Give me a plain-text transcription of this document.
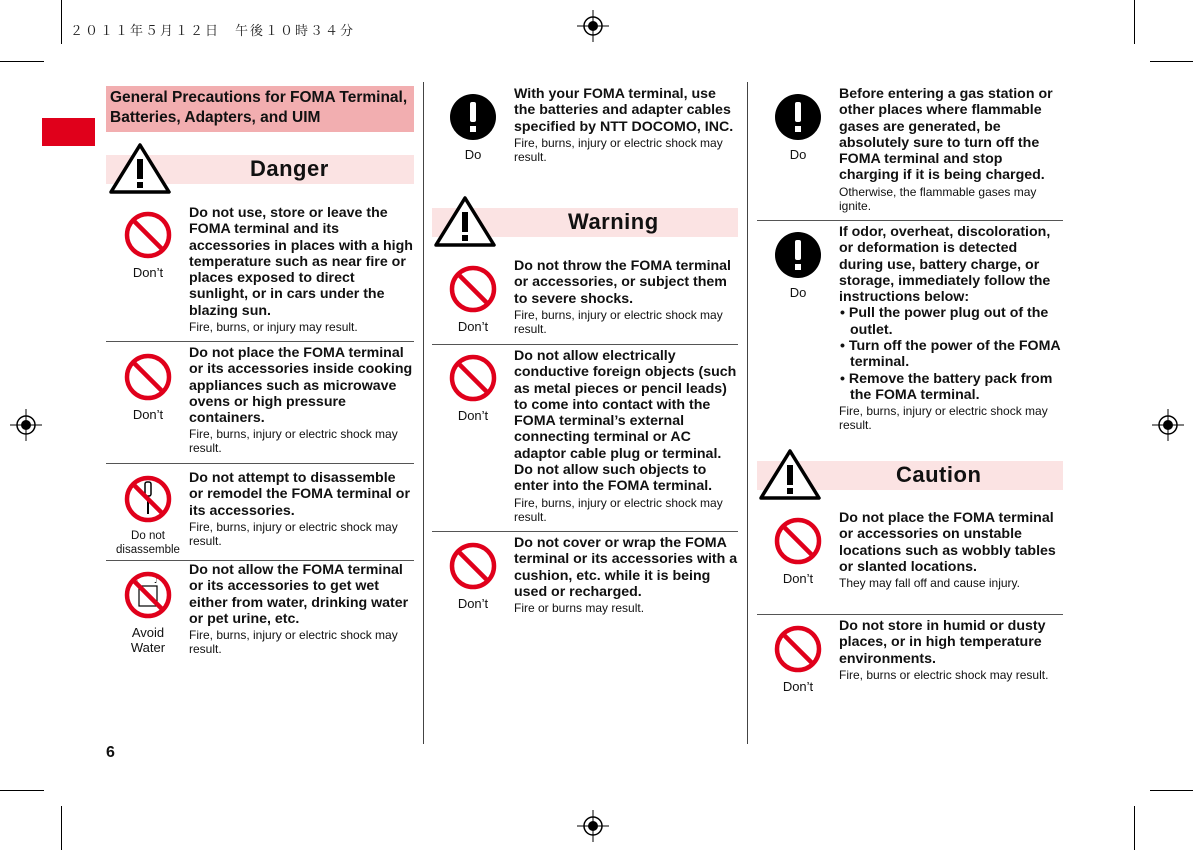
２０１１年５月１２日　午後１０時３４分
6
General Precautions for FOMA Terminal, Batteries, Adapters, and UIM
Danger
Don’t
Do not use, store or leave the FOMA terminal and its accessories in places with a high temperature such as near fire or places exposed to direct sunlight, or in cars under the blazing sun.
Fire, burns, or injury may result.
Don’t
Do not place the FOMA terminal or its accessories inside cooking appliances such as microwave ovens or high pressure containers.
Fire, burns, injury or electric shock may result.
Do not disassemble
Do not attempt to disassemble or remodel the FOMA terminal or its accessories.
Fire, burns, injury or electric shock may result.
♩
Avoid Water
Do not allow the FOMA terminal or its accessories to get wet either from water, drinking water or pet urine, etc.
Fire, burns, injury or electric shock may result.
Do
With your FOMA terminal, use the batteries and adapter cables specified by NTT DOCOMO, INC.
Fire, burns, injury or electric shock may result.
Warning
Don’t
Do not throw the FOMA terminal or accessories, or subject them to severe shocks.
Fire, burns, injury or electric shock may result.
Don’t
Do not allow electrically conductive foreign objects (such as metal pieces or pencil leads) to come into contact with the FOMA terminal’s external connecting terminal or AC adaptor cable plug or terminal. Do not allow such objects to enter into the FOMA terminal.
Fire, burns, injury or electric shock may result.
Don’t
Do not cover or wrap the FOMA terminal or its accessories with a cushion, etc. while it is being used or recharged.
Fire or burns may result.
Do
Before entering a gas station or other places where flammable gases are generated, be absolutely sure to turn off the FOMA terminal and stop charging if it is being charged.
Otherwise, the flammable gases may ignite.
Do
If odor, overheat, discoloration, or deformation is detected during use, battery charge, or storage, immediately follow the instructions below:
• Pull the power plug out of the outlet.
• Turn off the power of the FOMA terminal.
• Remove the battery pack from the FOMA terminal.
Fire, burns, injury or electric shock may result.
Caution
Don’t
Do not place the FOMA terminal or accessories on unstable locations such as wobbly tables or slanted locations.
They may fall off and cause injury.
Don’t
Do not store in humid or dusty places, or in high temperature environments.
Fire, burns or electric shock may result.
